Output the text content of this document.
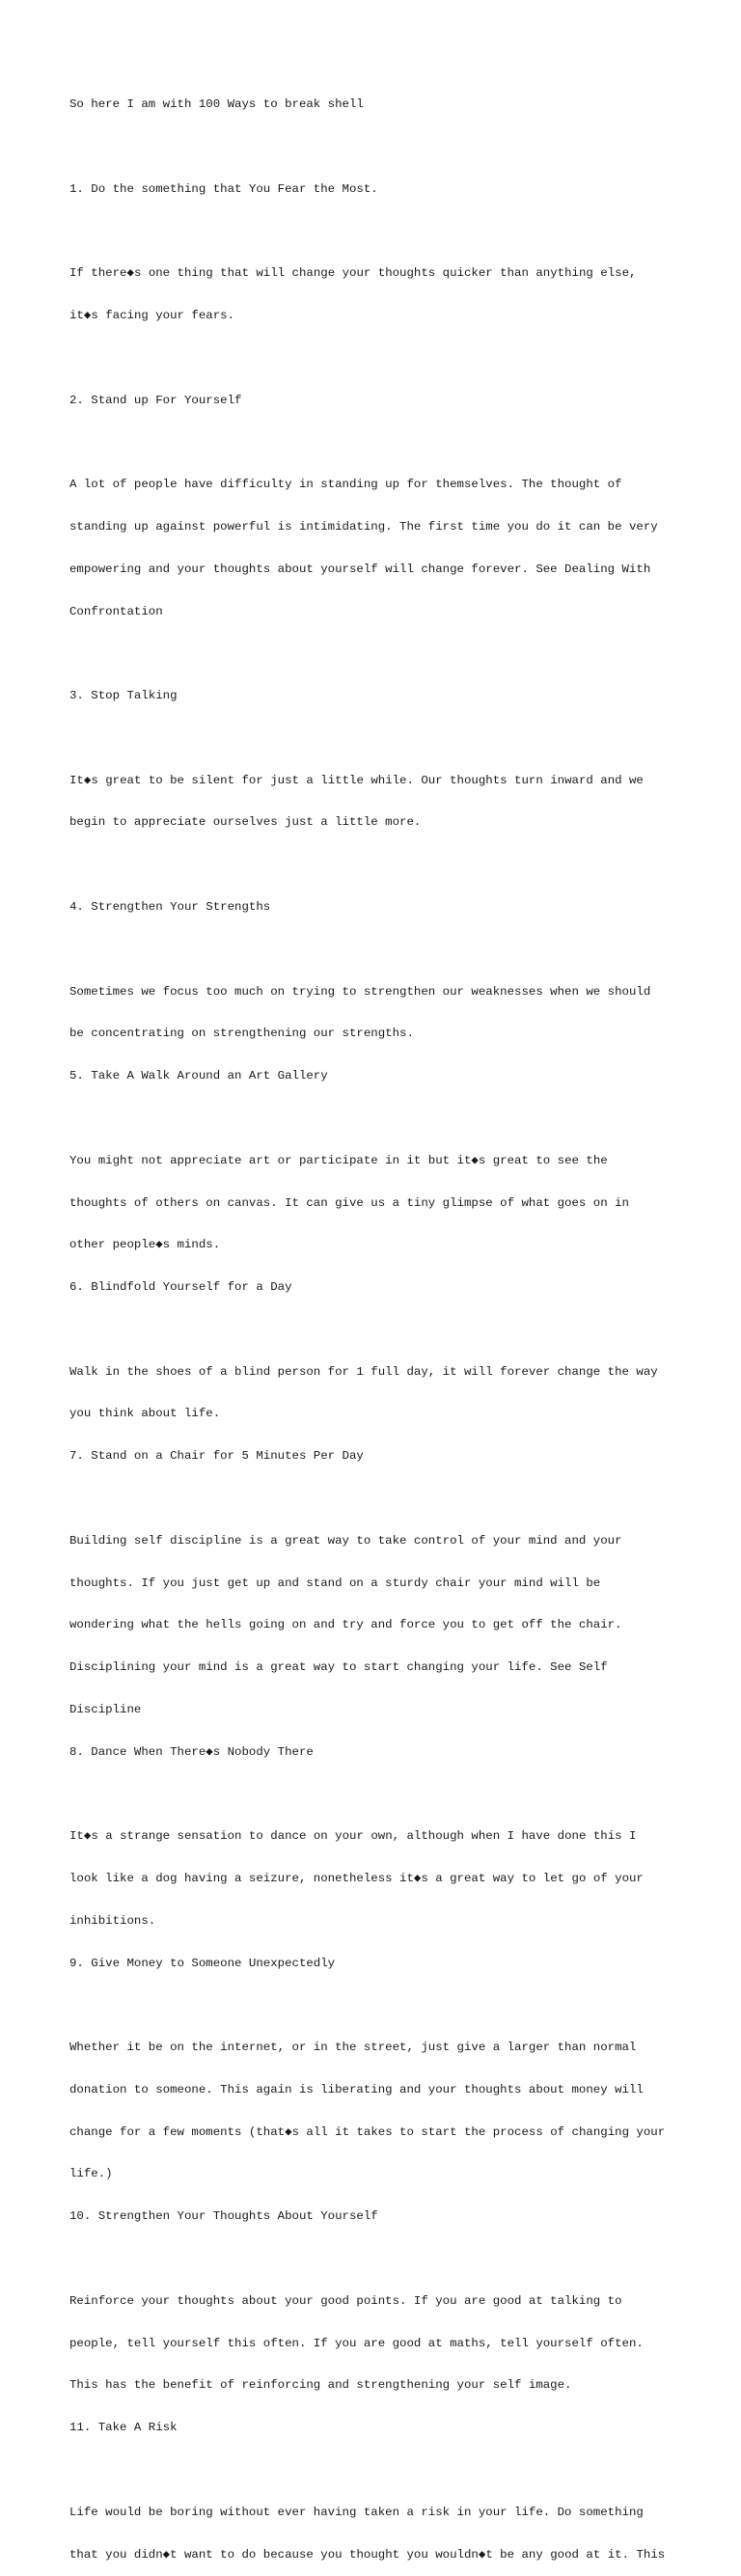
So here I am with 100 Ways to break shell

1. Do the something that You Fear the Most.

If there◆s one thing that will change your thoughts quicker than anything else,

it◆s facing your fears.

2. Stand up For Yourself

A lot of people have difficulty in standing up for themselves. The thought of

standing up against powerful is intimidating. The first time you do it can be very

empowering and your thoughts about yourself will change forever. See Dealing With

Confrontation

3. Stop Talking

It◆s great to be silent for just a little while. Our thoughts turn inward and we

begin to appreciate ourselves just a little more.

4. Strengthen Your Strengths

Sometimes we focus too much on trying to strengthen our weaknesses when we should

be concentrating on strengthening our strengths.

5. Take A Walk Around an Art Gallery

You might not appreciate art or participate in it but it◆s great to see the

thoughts of others on canvas. It can give us a tiny glimpse of what goes on in

other people◆s minds.

6. Blindfold Yourself for a Day

Walk in the shoes of a blind person for 1 full day, it will forever change the way

you think about life.

7. Stand on a Chair for 5 Minutes Per Day

Building self discipline is a great way to take control of your mind and your

thoughts. If you just get up and stand on a sturdy chair your mind will be

wondering what the hells going on and try and force you to get off the chair.

Disciplining your mind is a great way to start changing your life. See Self

Discipline

8. Dance When There◆s Nobody There

It◆s a strange sensation to dance on your own, although when I have done this I

look like a dog having a seizure, nonetheless it◆s a great way to let go of your

inhibitions.

9. Give Money to Someone Unexpectedly

Whether it be on the internet, or in the street, just give a larger than normal

donation to someone. This again is liberating and your thoughts about money will

change for a few moments (that◆s all it takes to start the process of changing your

life.)

10. Strengthen Your Thoughts About Yourself

Reinforce your thoughts about your good points. If you are good at talking to

people, tell yourself this often. If you are good at maths, tell yourself often.

This has the benefit of reinforcing and strengthening your self image.

11. Take A Risk

Life would be boring without ever having taken a risk in your life. Do something

that you didn◆t want to do because you thought you wouldn◆t be any good at it. This
